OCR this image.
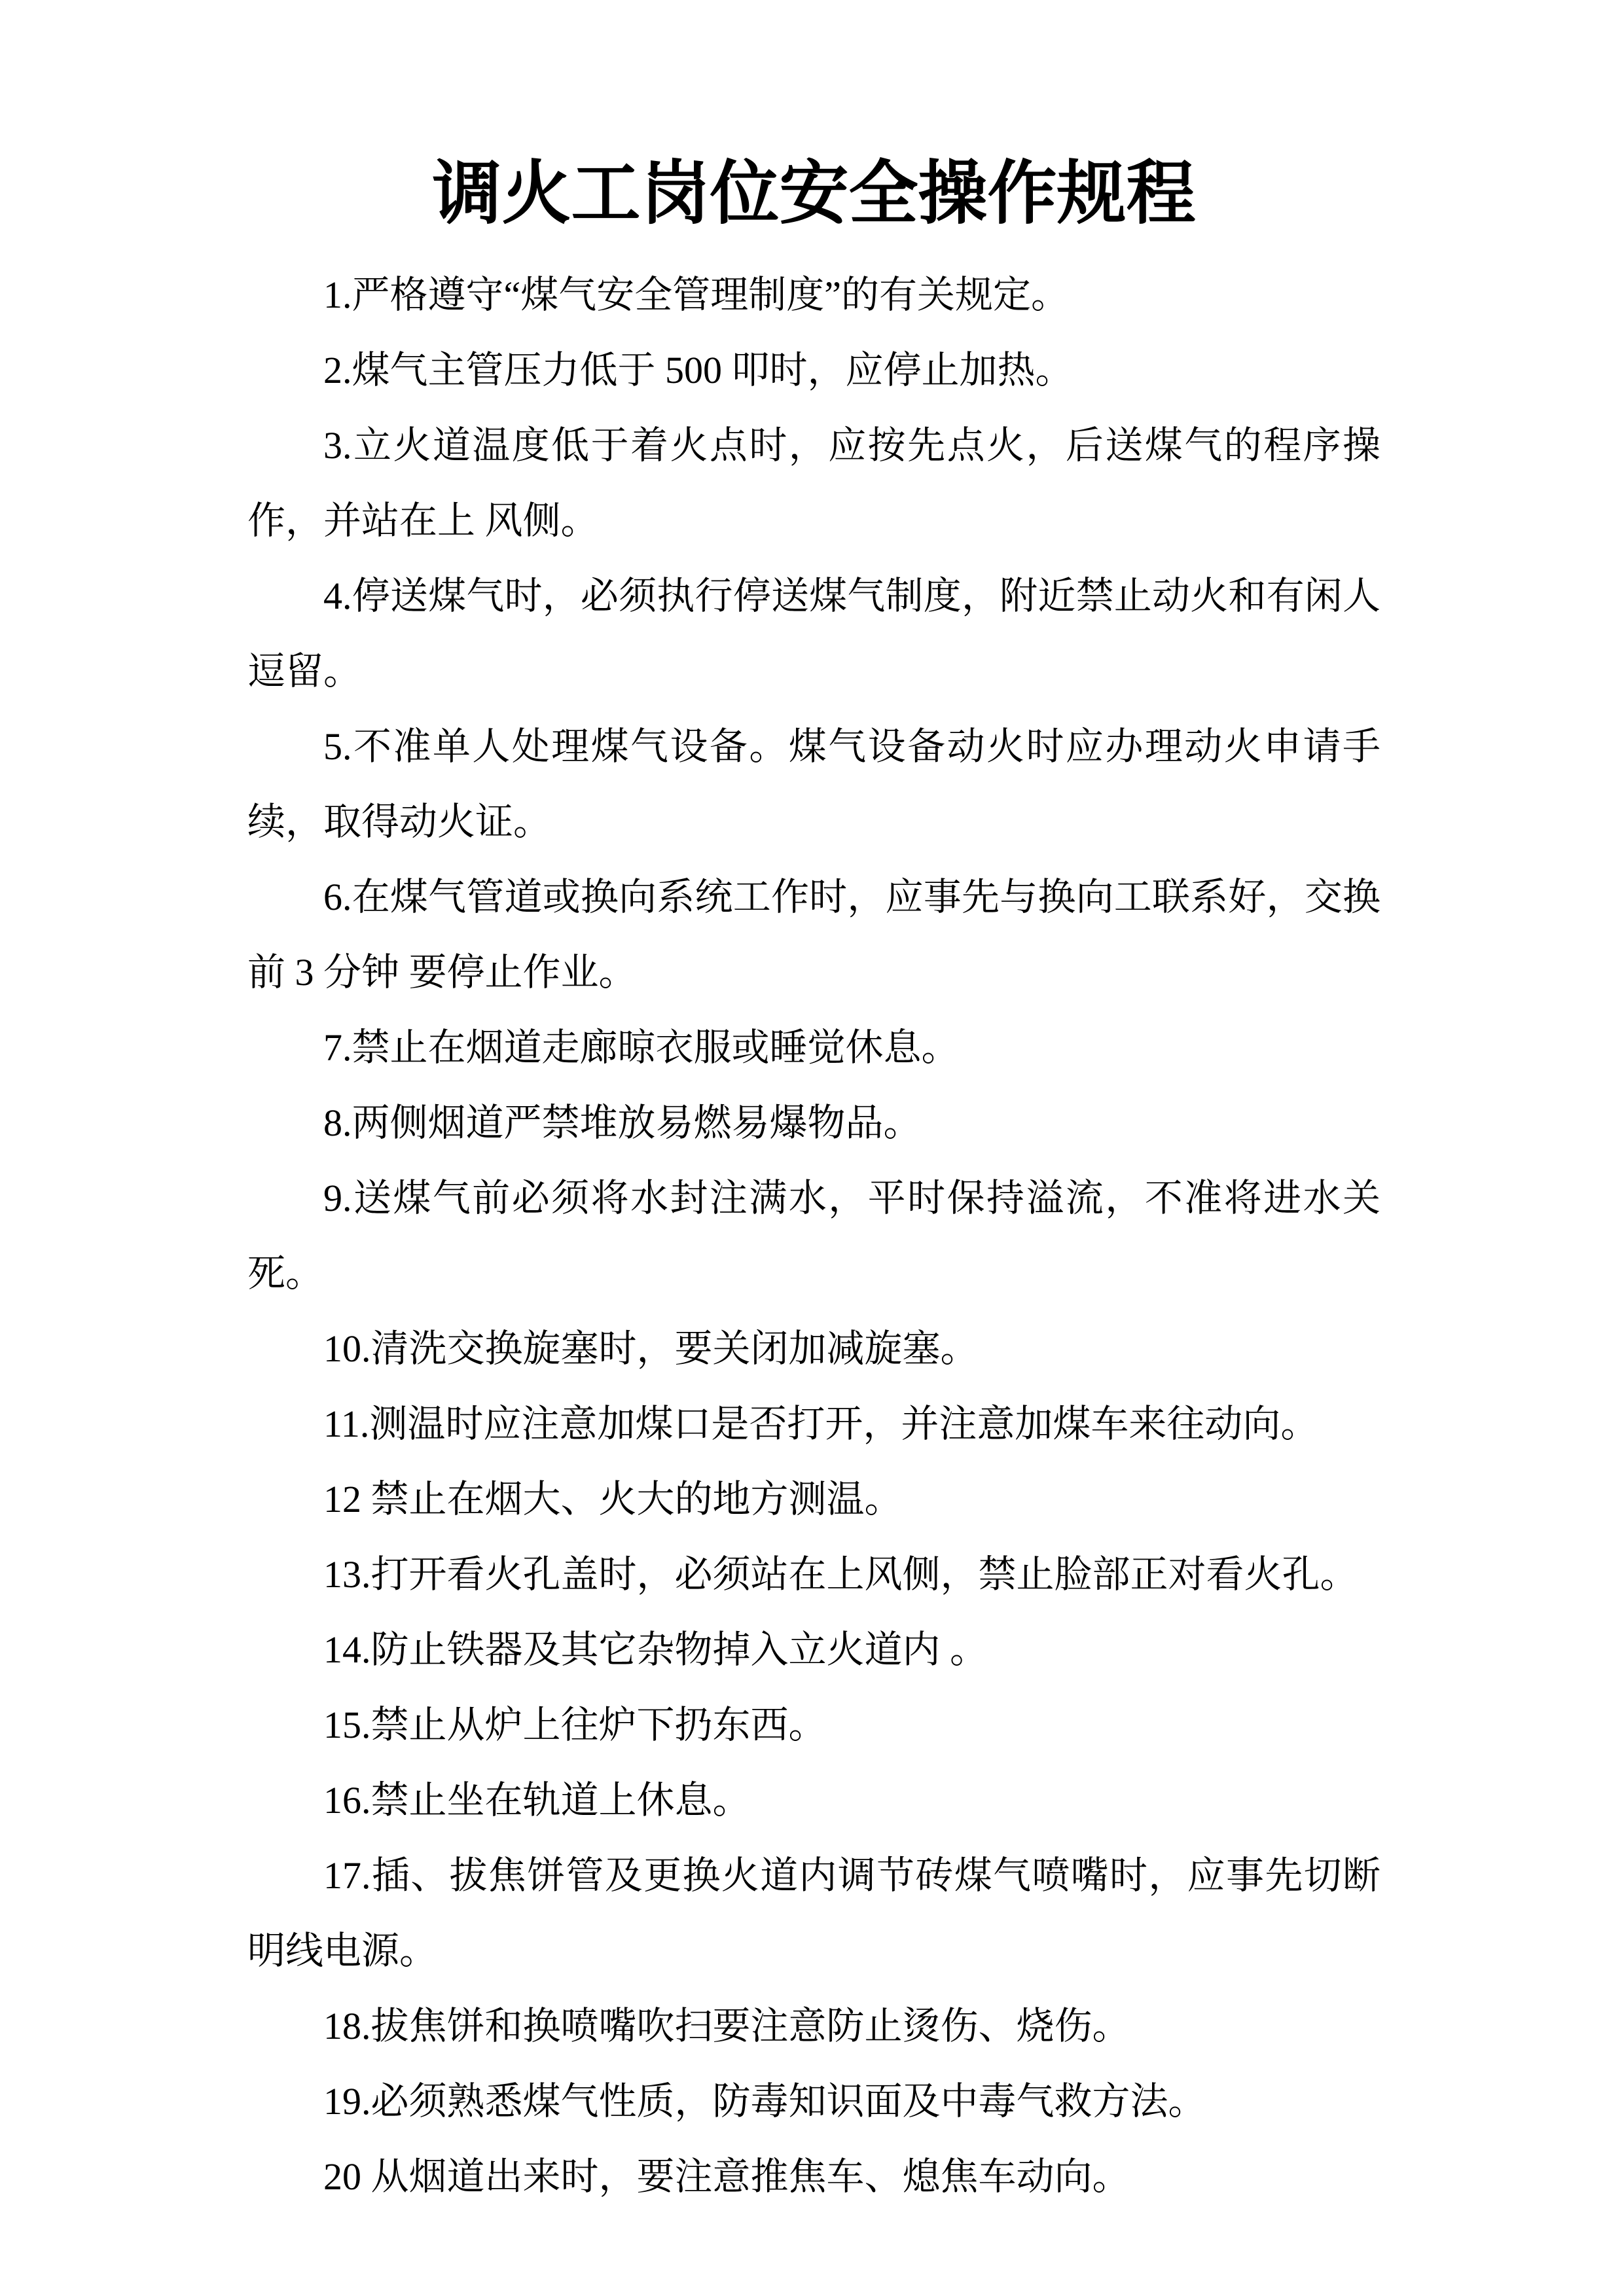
调火工岗位安全操作规程

1.严格遵守“煤气安全管理制度”的有关规定。

2.煤气主管压力低于 500 叩时，应停止加热。

3.立火道温度低于着火点时，应按先点火，后送煤气的程序操作，并站在上 风侧。

4.停送煤气时，必须执行停送煤气制度，附近禁止动火和有闲人逗留。

5.不准单人处理煤气设备。煤气设备动火时应办理动火申请手续，取得动火证。

6.在煤气管道或换向系统工作时，应事先与换向工联系好，交换前 3 分钟 要停止作业。

7.禁止在烟道走廊晾衣服或睡觉休息。

8.两侧烟道严禁堆放易燃易爆物品。

9.送煤气前必须将水封注满水，平时保持溢流，不准将进水关死。

10.清洗交换旋塞时，要关闭加减旋塞。

11.测温时应注意加煤口是否打开，并注意加煤车来往动向。

12 禁止在烟大、火大的地方测温。

13.打开看火孔盖时，必须站在上风侧，禁止脸部正对看火孔。

14.防止铁器及其它杂物掉入立火道内 。

15.禁止从炉上往炉下扔东西。

16.禁止坐在轨道上休息。

17.插、拔焦饼管及更换火道内调节砖煤气喷嘴时，应事先切断明线电源。

18.拔焦饼和换喷嘴吹扫要注意防止烫伤、烧伤。

19.必须熟悉煤气性质，防毒知识面及中毒气救方法。

20 从烟道出来时，要注意推焦车、熄焦车动向。
